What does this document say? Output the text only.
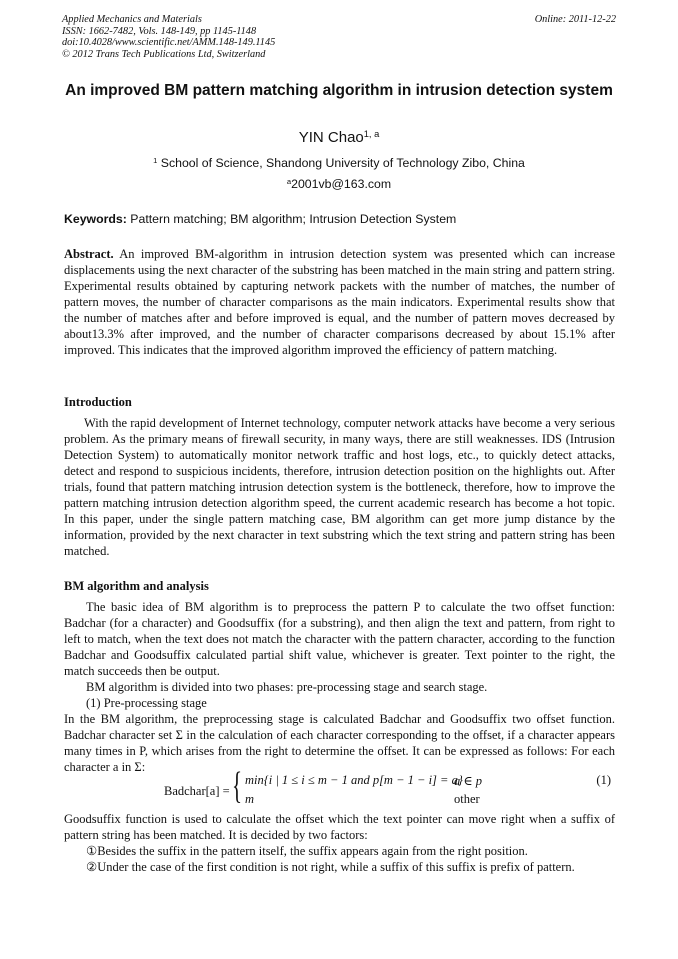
Applied Mechanics and Materials
ISSN: 1662-7482, Vols. 148-149, pp 1145-1148
doi:10.4028/www.scientific.net/AMM.148-149.1145
© 2012 Trans Tech Publications Ltd, Switzerland
Online: 2011-12-22
An improved BM pattern matching algorithm in intrusion detection system
YIN Chao$^{1, a}$
$^1$ School of Science, Shandong University of Technology Zibo, China
$^a$2001vb@163.com
Keywords: Pattern matching; BM algorithm; Intrusion Detection System

Abstract. An improved BM-algorithm in intrusion detection system was presented which can increase displacements using the next character of the substring has been matched in the main string and pattern string. Experimental results obtained by capturing network packets with the number of matches, the number of pattern moves, the number of character comparisons as the main indicators. Experimental results show that the number of matches after and before improved is equal, and the number of pattern moves decreased by about13.3% after improved, and the number of character comparisons decreased by about 15.1% after improved. This indicates that the improved algorithm improved the efficiency of pattern matching.

Introduction

With the rapid development of Internet technology, computer network attacks have become a very serious problem. As the primary means of firewall security, in many ways, there are still weaknesses. IDS (Intrusion Detection System) to automatically monitor network traffic and host logs, etc., to quickly detect attacks, detect and respond to suspicious incidents, therefore, intrusion detection position on the highlights out. After trials, found that pattern matching intrusion detection system is the bottleneck, therefore, how to improve the pattern matching intrusion detection algorithm speed, the current academic research has become a hot topic. In this paper, under the single pattern matching case, BM algorithm can get more jump distance by the information, provided by the next character in text substring which the text string and pattern string has been matched.

BM algorithm and analysis

The basic idea of BM algorithm is to preprocess the pattern P to calculate the two offset function: Badchar (for a character) and Goodsuffix (for a substring), and then align the text and pattern, from right to left to match, when the text does not match the character with the pattern character, according to the function Badchar and Goodsuffix calculated partial shift value, whichever is greater. Text pointer to the right, the match succeeds then be output.

BM algorithm is divided into two phases: pre-processing stage and search stage.

(1) Pre-processing stage

In the BM algorithm, the preprocessing stage is calculated Badchar and Goodsuffix two offset function. Badchar character set Σ in the calculation of each character corresponding to the offset, if a character appears many times in P, which arises from the right to determine the offset. It can be expressed as follows: For each character a in Σ:

Badchar[a] = { min{i | 1 ≤ i ≤ m − 1 and p[m − 1 − i] = a}
a ∈ p
m	other
(1)

Goodsuffix function is used to calculate the offset which the text pointer can move right when a suffix of pattern string has been matched. It is decided by two factors:

①Besides the suffix in the pattern itself, the suffix appears again from the right position.

②Under the case of the first condition is not right, while a suffix of this suffix is prefix of pattern.
